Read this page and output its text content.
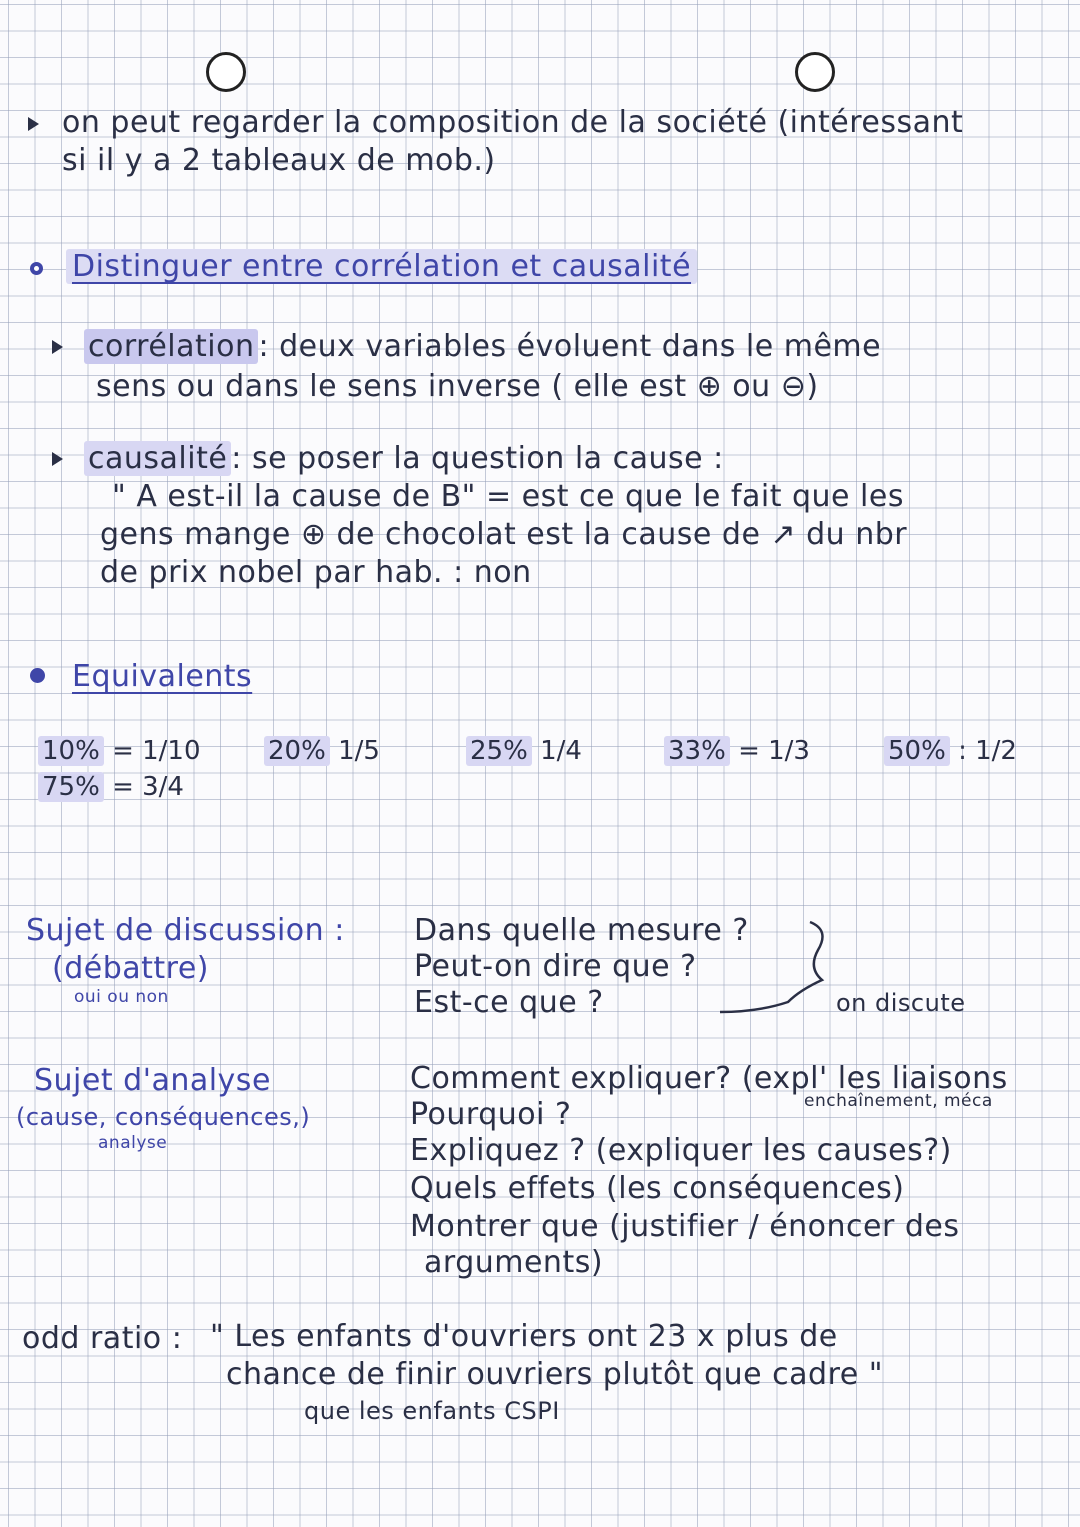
on peut regarder la composition de la société (intéressant
si il y a 2 tableaux de mob.)
Distinguer entre corrélation et causalité
corrélation : deux variables évoluent dans le même
sens ou dans le sens inverse ( elle est ⊕ ou ⊖)
causalité : se poser la question la cause :
" A est-il la cause de B" = est ce que le fait que les
gens mange ⊕ de chocolat est la cause de ↗ du nbr
de prix nobel par hab. : non
Equivalents
10% = 1/10	20% 1/5	25% 1/4	33% = 1/3	50% : 1/2
75% = 3/4
Sujet de discussion :
(débattre)
oui ou non
Dans quelle mesure ?
Peut-on dire que ?
Est-ce que ?	on discute
Sujet d'analyse
(cause, conséquences,)
analyse
Comment expliquer? (expl' les liaisons
enchaînement, méca
Pourquoi ?
Expliquez ? (expliquer les causes?)
Quels effets (les conséquences)
Montrer que (justifier / énoncer des
arguments)
odd ratio : " Les enfants d'ouvriers ont 23 x plus de
chance de finir ouvriers plutôt que cadre "
que les enfants CSPI
